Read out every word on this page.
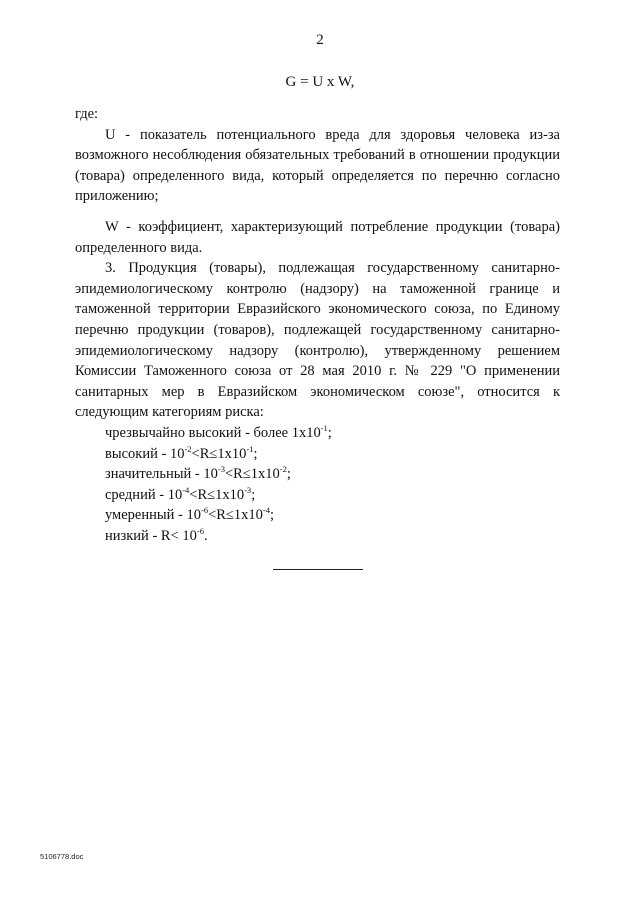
2
G = U x W,

где:

U - показатель потенциального вреда для здоровья человека из-за возможного несоблюдения обязательных требований в отношении продукции (товара) определенного вида, который определяется по перечню согласно приложению;

W - коэффициент, характеризующий потребление продукции (товара) определенного вида.

3. Продукция (товары), подлежащая государственному санитарно-эпидемиологическому контролю (надзору) на таможенной границе и таможенной территории Евразийского экономического союза, по Единому перечню продукции (товаров), подлежащей государственному санитарно-эпидемиологическому надзору (контролю), утвержденному решением Комиссии Таможенного союза от 28 мая 2010 г. № 229 "О применении санитарных мер в Евразийском экономическом союзе", относится к следующим категориям риска:

чрезвычайно высокий - более $1x10^{-1}$;

высокий - $10^{-2}<R\le 1x10^{-1}$;

значительный - $10^{-3}<R\le 1x10^{-2}$;

средний - $10^{-4}<R\le 1x10^{-3}$;

умеренный - $10^{-6}<R\le 1x10^{-4}$;

низкий - $R< 10^{-6}$.

5106778.doc
